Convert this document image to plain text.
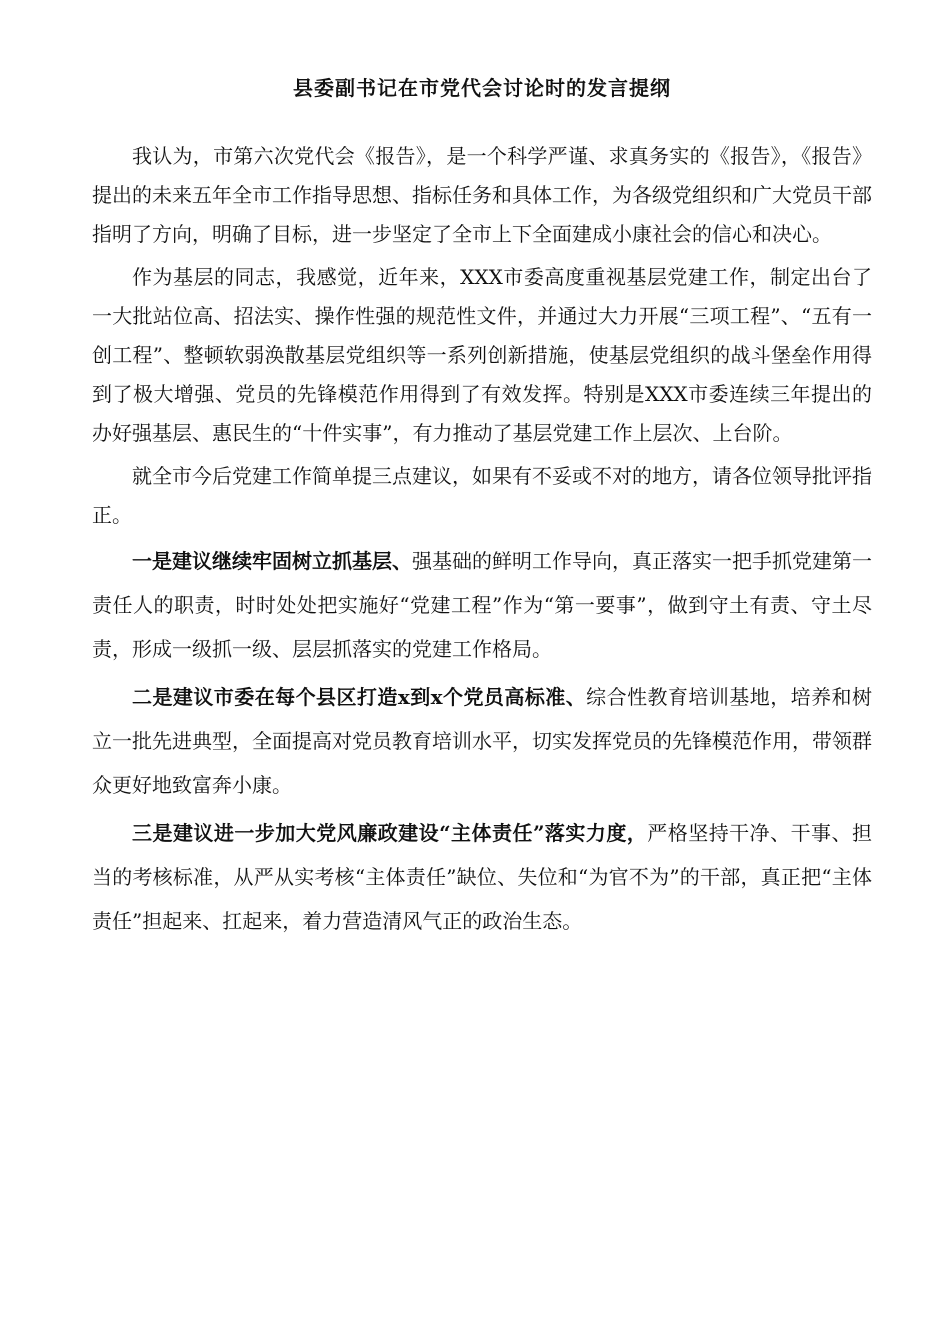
县委副书记在市党代会讨论时的发言提纲

我认为，市第六次党代会《报告》，是一个科学严谨、求真务实的《报告》，《报告》提出的未来五年全市工作指导思想、指标任务和具体工作，为各级党组织和广大党员干部指明了方向，明确了目标，进一步坚定了全市上下全面建成小康社会的信心和决心。

作为基层的同志，我感觉，近年来，XXX市委高度重视基层党建工作，制定出台了一大批站位高、招法实、操作性强的规范性文件，并通过大力开展“三项工程”、“五有一创工程”、整顿软弱涣散基层党组织等一系列创新措施，使基层党组织的战斗堡垒作用得到了极大增强、党员的先锋模范作用得到了有效发挥。特别是XXX市委连续三年提出的办好强基层、惠民生的“十件实事”，有力推动了基层党建工作上层次、上台阶。

就全市今后党建工作简单提三点建议，如果有不妥或不对的地方，请各位领导批评指正。

一是建议继续牢固树立抓基层、强基础的鲜明工作导向，真正落实一把手抓党建第一责任人的职责，时时处处把实施好“党建工程”作为“第一要事”，做到守土有责、守土尽责，形成一级抓一级、层层抓落实的党建工作格局。

二是建议市委在每个县区打造x到x个党员高标准、综合性教育培训基地，培养和树立一批先进典型，全面提高对党员教育培训水平，切实发挥党员的先锋模范作用，带领群众更好地致富奔小康。

三是建议进一步加大党风廉政建设“主体责任”落实力度，严格坚持干净、干事、担当的考核标准，从严从实考核“主体责任”缺位、失位和“为官不为”的干部，真正把“主体责任”担起来、扛起来，着力营造清风气正的政治生态。
